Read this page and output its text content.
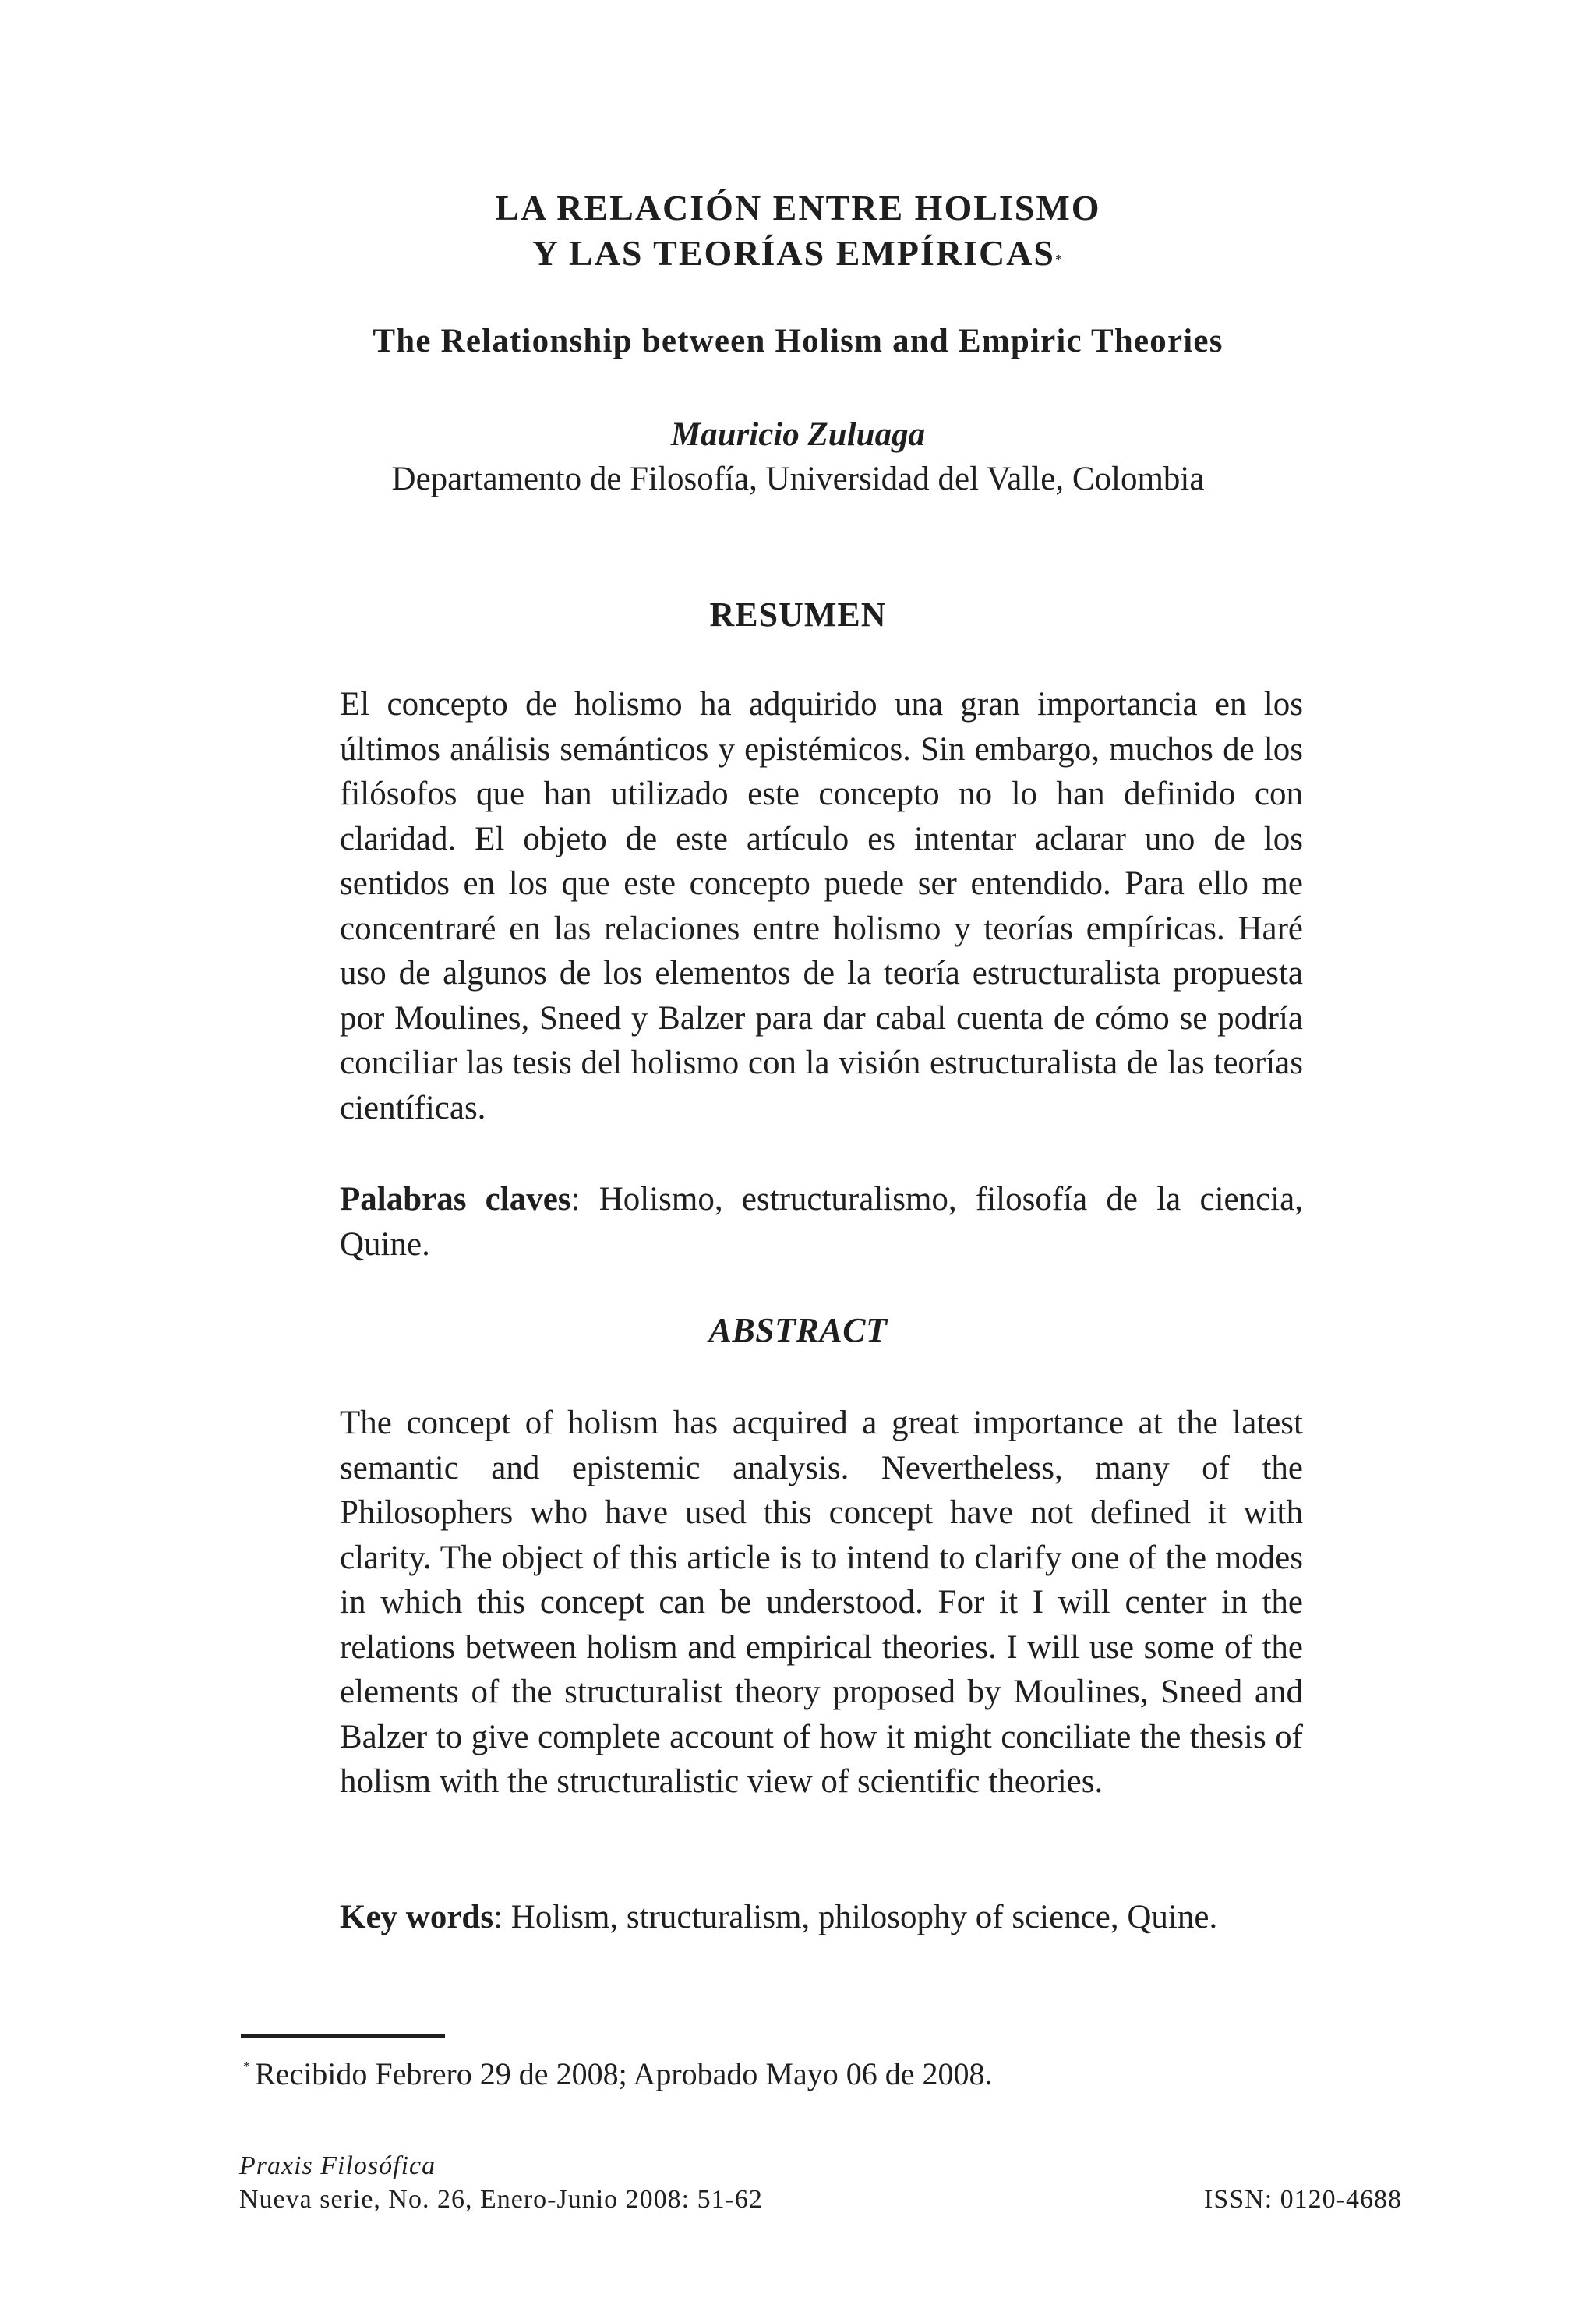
LA RELACIÓN ENTRE HOLISMO
Y LAS TEORÍAS EMPÍRICAS*
The Relationship between Holism and Empiric Theories
Mauricio Zuluaga
Departamento de Filosofía, Universidad del Valle, Colombia
RESUMEN
El concepto de holismo ha adquirido una gran importancia en los últimos análisis semánticos y epistémicos. Sin embargo, muchos de los filósofos que han utilizado este concepto no lo han definido con claridad. El objeto de este artículo es intentar aclarar uno de los sentidos en los que este concepto puede ser entendido. Para ello me concentraré en las relaciones entre holismo y teorías empíricas. Haré uso de algunos de los elementos de la teoría estructuralista propuesta por Moulines, Sneed y Balzer para dar cabal cuenta de cómo se podría conciliar las tesis del holismo con la visión estructuralista de las teorías científicas.
Palabras claves: Holismo, estructuralismo, filosofía de la ciencia, Quine.
ABSTRACT
The concept of holism has acquired a great importance at the latest semantic and epistemic analysis. Nevertheless, many of the Philosophers who have used this concept have not defined it with clarity. The object of this article is to intend to clarify one of the modes in which this concept can be understood. For it I will center in the relations between holism and empirical theories. I will use some of the elements of the structuralist theory proposed by Moulines, Sneed and Balzer to give complete account of how it might conciliate the thesis of holism with the structuralistic view of scientific theories.
Key words: Holism, structuralism, philosophy of science, Quine.
* Recibido Febrero 29 de 2008; Aprobado Mayo 06 de 2008.
Praxis Filosófica
Nueva serie, No. 26, Enero-Junio 2008: 51-62	ISSN: 0120-4688
